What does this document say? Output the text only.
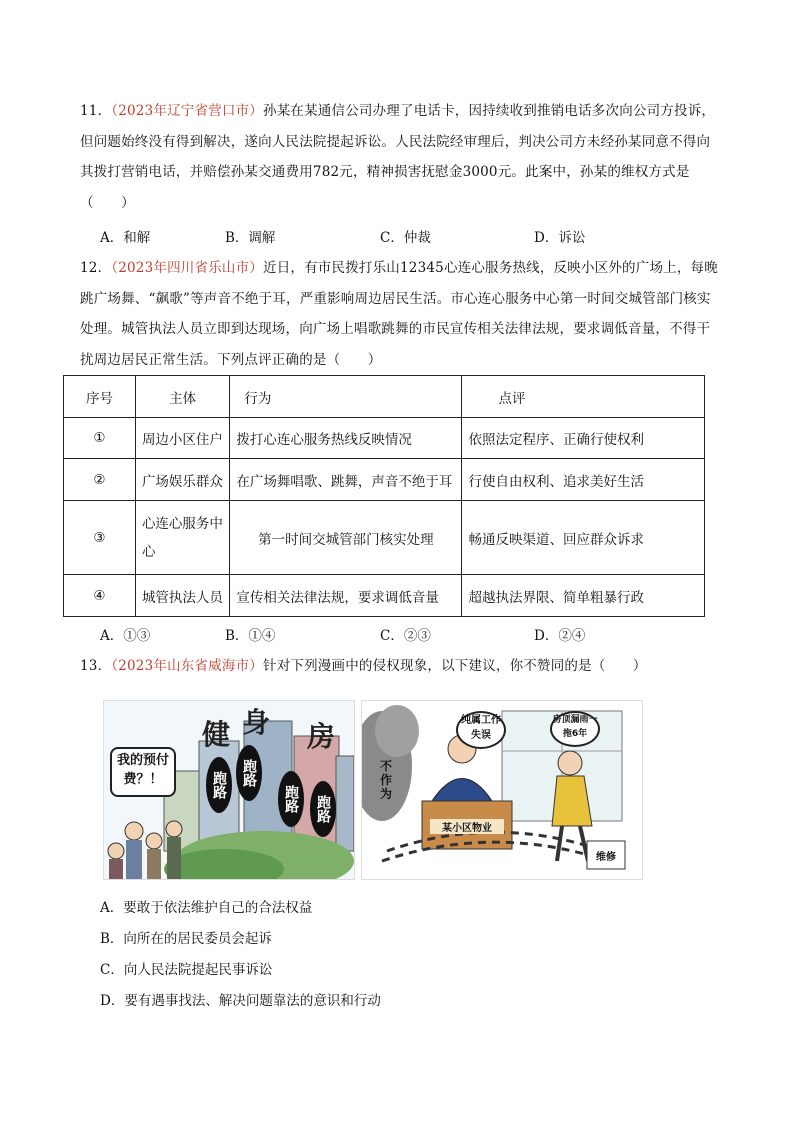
11．（2023年辽宁省营口市）孙某在某通信公司办理了电话卡，因持续收到推销电话多次向公司方投诉，但问题始终没有得到解决，遂向人民法院提起诉讼。人民法院经审理后，判决公司方未经孙某同意不得向其拨打营销电话，并赔偿孙某交通费用782元，精神损害抚慰金3000元。此案中，孙某的维权方式是（　　）
A．和解	B．调解	C．仲裁	D．诉讼
12．（2023年四川省乐山市）近日，有市民拨打乐山12345心连心服务热线，反映小区外的广场上，每晚跳广场舞、“飙歌”等声音不绝于耳，严重影响周边居民生活。市心连心服务中心第一时间交城管部门核实处理。城管执法人员立即到达现场，向广场上唱歌跳舞的市民宣传相关法律法规，要求调低音量，不得干扰周边居民正常生活。下列点评正确的是（　　）
序号	主体	行为	点评
①	周边小区住户	拨打心连心服务热线反映情况	依照法定程序、正确行使权利
②	广场娱乐群众	在广场舞唱歌、跳舞，声音不绝于耳	行使自由权利、追求美好生活
③	心连心服务中心	第一时间交城管部门核实处理	畅通反映渠道、回应群众诉求
④	城管执法人员	宣传相关法律法规，要求调低音量	超越执法界限、简单粗暴行政
A．①③	B．①④	C．②③	D．②④
13．（2023年山东省威海市）针对下列漫画中的侵权现象，以下建议，你不赞同的是（　　）
我的预付费？！
健 身 房
跑路	跑路
跑路	跑路
纯属工作失误
房顶漏雨一拖6年
不作为
某小区物业
维修
A．要敢于依法维护自己的合法权益
B．向所在的居民委员会起诉
C．向人民法院提起民事诉讼
D．要有遇事找法、解决问题靠法的意识和行动
